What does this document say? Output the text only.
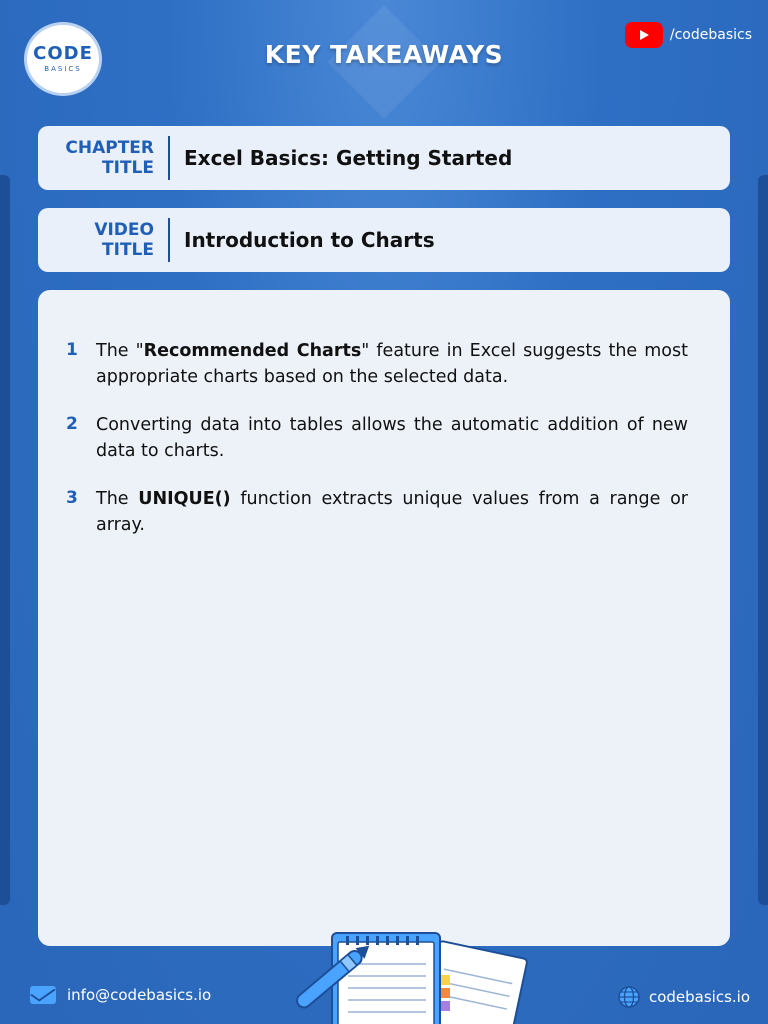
CODE
BASICS	KEY TAKEAWAYS
/codebasics
CHAPTER
TITLE	Excel Basics: Getting Started
VIDEO
TITLE	Introduction to Charts
1	The "Recommended Charts" feature in Excel suggests the most appropriate charts based on the selected data.
2	Converting data into tables allows the automatic addition of new data to charts.
3	The UNIQUE() function extracts unique values from a range or array.
info@codebasics.io	codebasics.io
